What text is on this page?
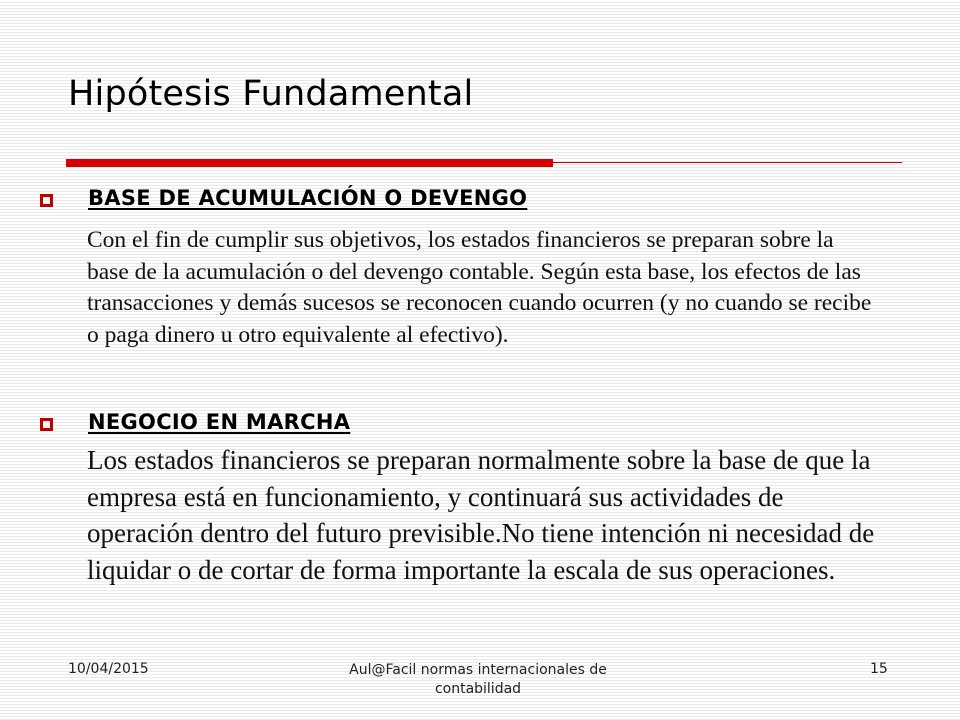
Hipótesis Fundamental
BASE DE ACUMULACIÓN O DEVENGO

Con el fin de cumplir sus objetivos, los estados financieros se preparan sobre la base de la acumulación o del devengo contable. Según esta base, los efectos de las transacciones y demás sucesos se reconocen cuando ocurren (y no cuando se recibe o paga dinero u otro equivalente al efectivo).

NEGOCIO EN MARCHA

Los estados financieros se preparan normalmente sobre la base de que la empresa está en funcionamiento, y continuará sus actividades de operación dentro del futuro previsible.No tiene intención ni necesidad de liquidar o de cortar de forma importante la escala de sus operaciones.

10/04/2015	Aul@Facil normas internacionales de contabilidad
15
